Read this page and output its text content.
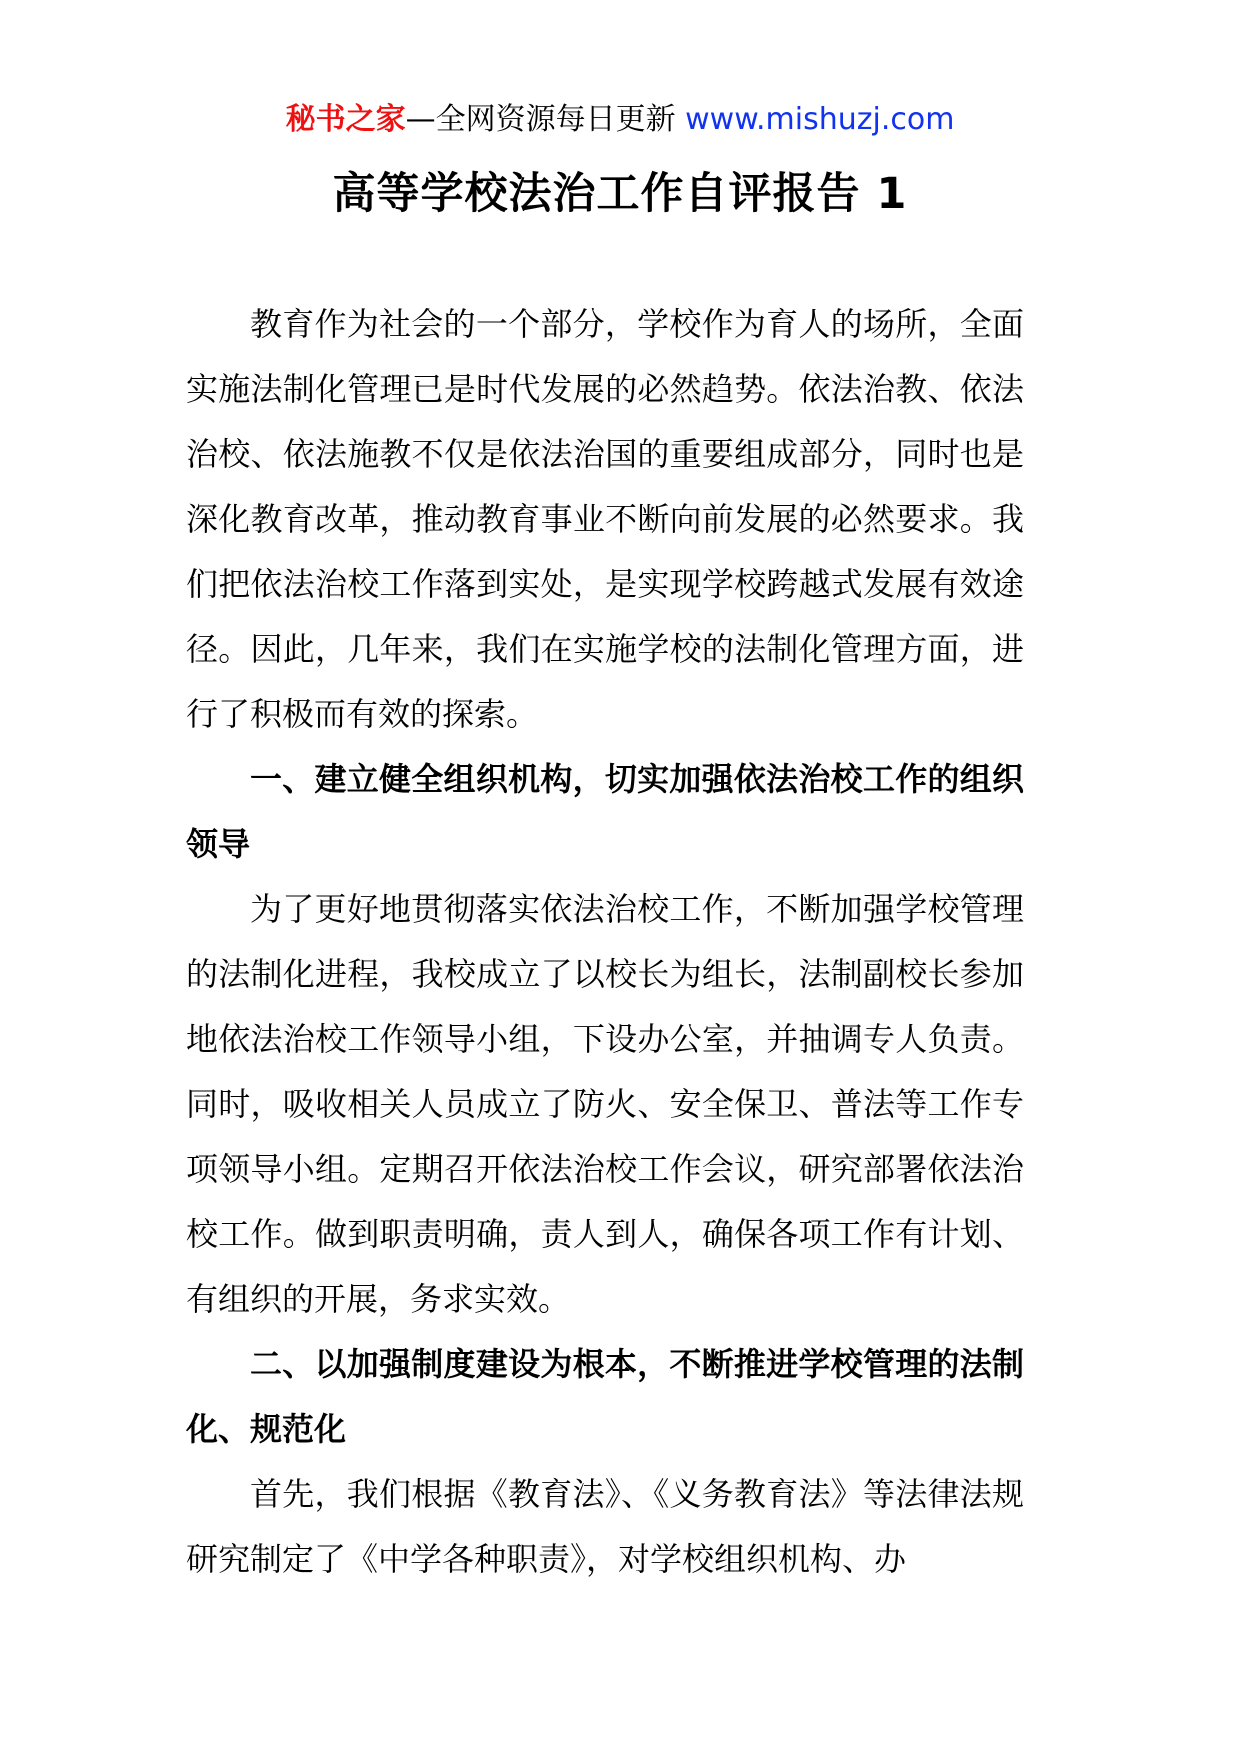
秘书之家—全网资源每日更新 www.mishuzj.com
高等学校法治工作自评报告 1

教育作为社会的一个部分，学校作为育人的场所，全面实施法制化管理已是时代发展的必然趋势。依法治教、依法治校、依法施教不仅是依法治国的重要组成部分，同时也是深化教育改革，推动教育事业不断向前发展的必然要求。我们把依法治校工作落到实处，是实现学校跨越式发展有效途径。因此，几年来，我们在实施学校的法制化管理方面，进行了积极而有效的探索。

一、建立健全组织机构，切实加强依法治校工作的组织领导

为了更好地贯彻落实依法治校工作，不断加强学校管理的法制化进程，我校成立了以校长为组长，法制副校长参加地依法治校工作领导小组，下设办公室，并抽调专人负责。同时，吸收相关人员成立了防火、安全保卫、普法等工作专项领导小组。定期召开依法治校工作会议，研究部署依法治校工作。做到职责明确，责人到人，确保各项工作有计划、有组织的开展，务求实效。

二、以加强制度建设为根本，不断推进学校管理的法制化、规范化

首先，我们根据《教育法》、《义务教育法》等法律法规研究制定了《中学各种职责》，对学校组织机构、办
